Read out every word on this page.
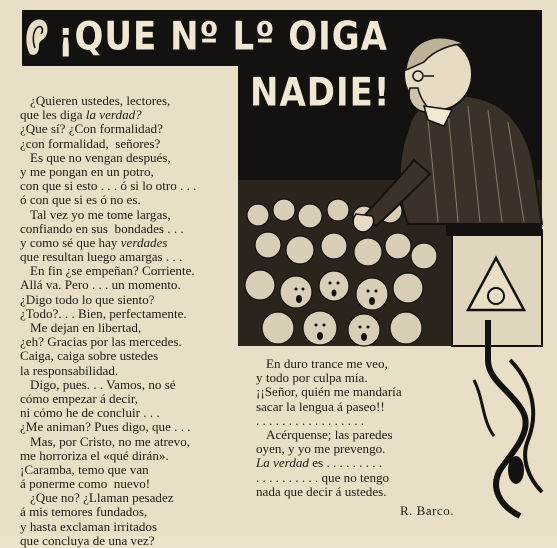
¡QUE Nº Lº OIGA
NADIE!
¿Quieren ustedes, lectores,
que les diga la verdad?
¿Que sí? ¿Con formalidad?
¿con formalidad,  señores?
Es que no vengan después,
y me pongan en un potro,
con que si esto . . . ó si lo otro . . .
ó con que si es ó no es.
Tal vez yo me tome largas,
confiando en sus  bondades . . .
y como sé que hay verdades
que resultan luego amargas . . .
En fin ¿se empeñan? Corriente.
Allá va. Pero . . . un momento.
¿Digo todo lo que siento?
¿Todo?. . . Bien, perfectamente.
Me dejan en libertad,
¿eh? Gracias por las mercedes.
Caiga, caiga sobre ustedes
la responsabilidad.
Digo, pues. . . Vamos, no sé
cómo empezar á decir,
ni cómo he de concluir . . .
¿Me animan? Pues digo, que . . .
Mas, por Cristo, no me atrevo,
me horroriza el «qué dirán».
¡Caramba, temo que van
á ponerme como  nuevo!
¿Que no? ¿Llaman pesadez
á mis temores fundados,
y hasta exclaman irritados
que concluya de una vez?
En duro trance me veo,
y todo por culpa mía.
¡¡Señor, quién me mandaría
sacar la lengua á paseo!!
. . . . . . . . . . . . . . . . .
Acérquense; las paredes
oyen, y yo me prevengo.
La verdad es . . . . . . . . .
. . . . . . . . . . que no tengo
nada que decir á ustedes.
R. Barco.
